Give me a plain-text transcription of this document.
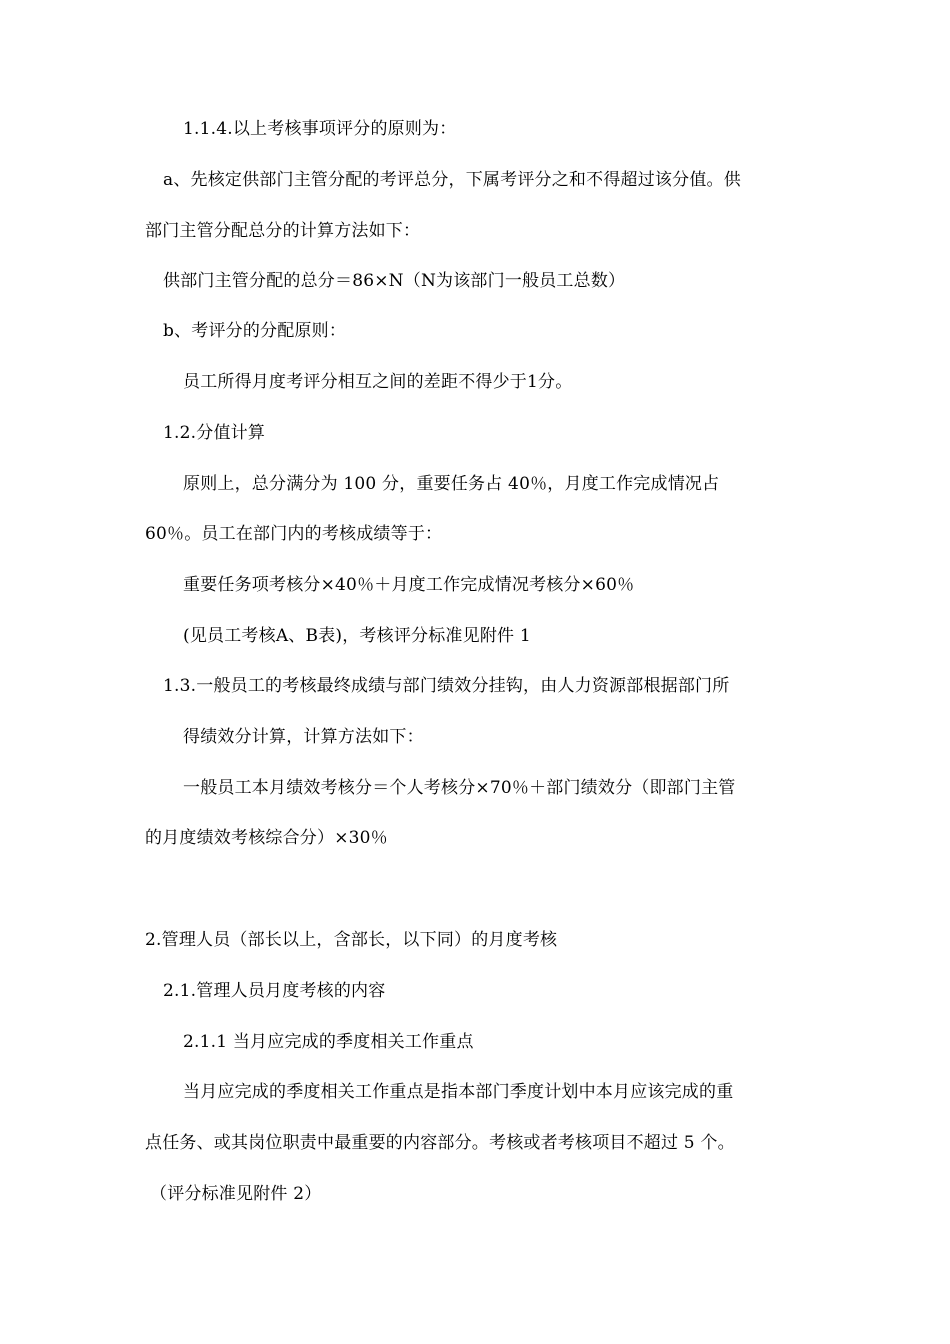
1.1.4.以上考核事项评分的原则为：
a、先核定供部门主管分配的考评总分，下属考评分之和不得超过该分值。供
部门主管分配总分的计算方法如下：
供部门主管分配的总分＝86×N（N为该部门一般员工总数）
b、考评分的分配原则：
员工所得月度考评分相互之间的差距不得少于1分。
1.2.分值计算
原则上，总分满分为 100 分，重要任务占 40％，月度工作完成情况占
60％。员工在部门内的考核成绩等于：
重要任务项考核分×40％＋月度工作完成情况考核分×60％
(见员工考核A、B表)，考核评分标准见附件 1
1.3.一般员工的考核最终成绩与部门绩效分挂钩，由人力资源部根据部门所
得绩效分计算，计算方法如下：
一般员工本月绩效考核分＝个人考核分×70％＋部门绩效分（即部门主管
的月度绩效考核综合分）×30％
2.管理人员（部长以上，含部长，以下同）的月度考核
2.1.管理人员月度考核的内容
2.1.1 当月应完成的季度相关工作重点
当月应完成的季度相关工作重点是指本部门季度计划中本月应该完成的重
点任务、或其岗位职责中最重要的内容部分。考核或者考核项目不超过 5 个。
（评分标准见附件 2）
